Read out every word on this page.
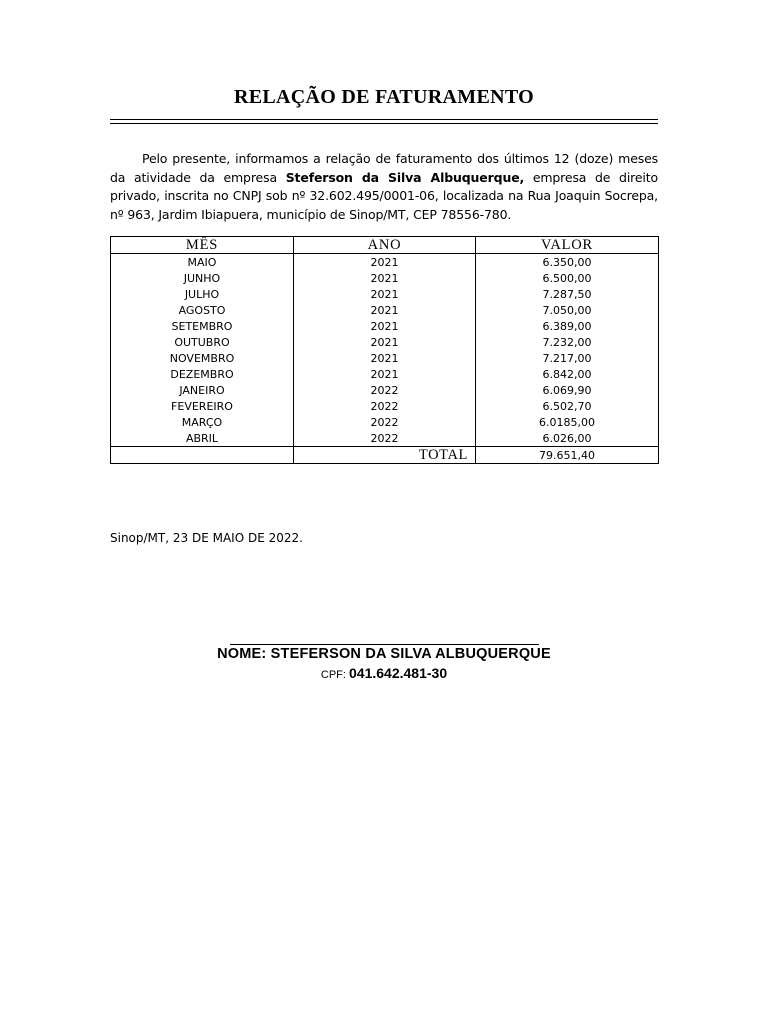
RELAÇÃO DE FATURAMENTO
Pelo presente, informamos a relação de faturamento dos últimos 12 (doze) meses da atividade da empresa Steferson da Silva Albuquerque, empresa de direito privado, inscrita no CNPJ sob nº 32.602.495/0001-06, localizada na Rua Joaquin Socrepa, nº 963, Jardim Ibiapuera, município de Sinop/MT, CEP 78556-780.
MÊS	ANO	VALOR
MAIO	2021	6.350,00
JUNHO	2021	6.500,00
JULHO	2021	7.287,50
AGOSTO	2021	7.050,00
SETEMBRO	2021	6.389,00
OUTUBRO	2021	7.232,00
NOVEMBRO	2021	7.217,00
DEZEMBRO	2021	6.842,00
JANEIRO	2022	6.069,90
FEVEREIRO	2022	6.502,70
MARÇO	2022	6.0185,00
ABRIL	2022	6.026,00
	TOTAL	79.651,40
Sinop/MT, 23 DE MAIO DE 2022.
NOME: STEFERSON DA SILVA ALBUQUERQUE
CPF: 041.642.481-30
